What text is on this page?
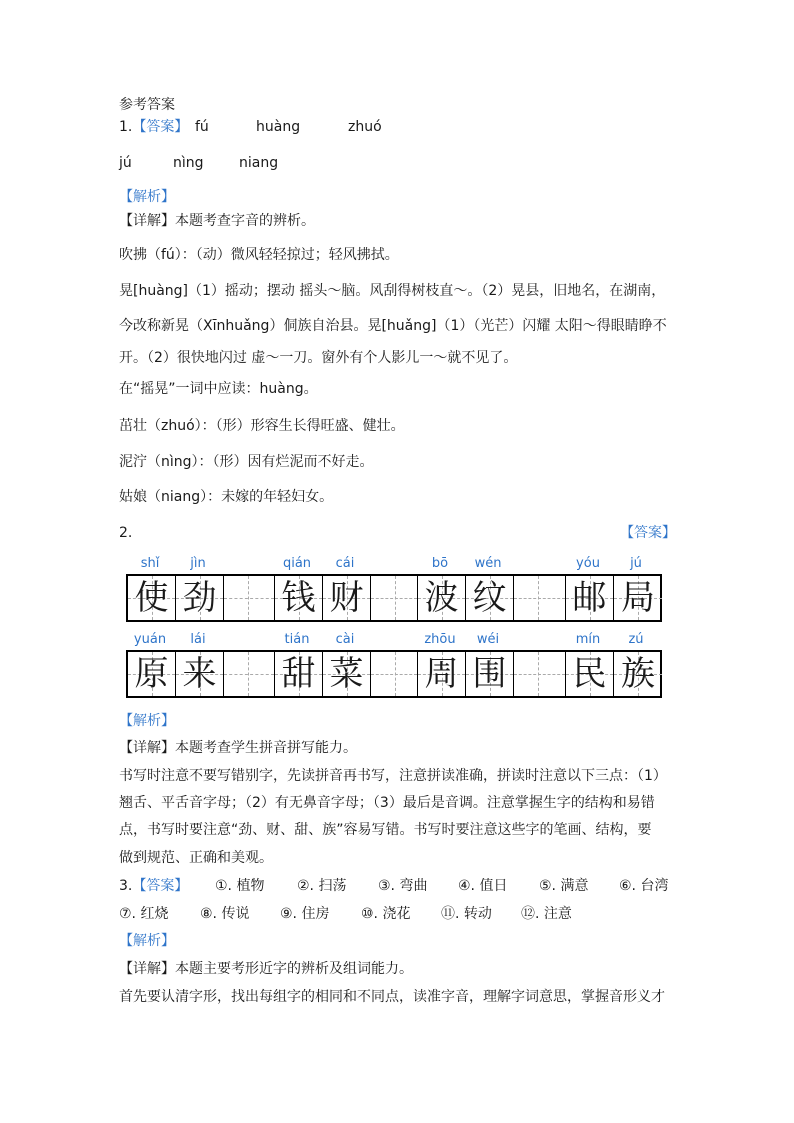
参考答案
1.【答案】 fú	huàng	zhuó
jú	nìng	niang
【解析】
【详解】本题考查字音的辨析。
吹拂（fú）：（动）微风轻轻掠过；轻风拂拭。
晃[huàng]（1）摇动；摆动 摇头～脑。风刮得树枝直～。（2）晃县，旧地名，在湖南，
今改称新晃（Xīnhuǎng）侗族自治县。晃[huǎng]（1）（光芒）闪耀 太阳～得眼睛睁不
开。（2）很快地闪过 虚～一刀。窗外有个人影儿一～就不见了。
在“摇晃”一词中应读：huàng。
茁壮（zhuó）：（形）形容生长得旺盛、健壮。
泥泞（nìng）：（形）因有烂泥而不好走。
姑娘（niang）：未嫁的年轻妇女。
2.	【答案】
shǐ	jìn	qián	cái	bō	wén	yóu	jú
使 劲 钱 财 波 纹 邮 局
yuán	lái	tián	cài	zhōu	wéi	mín	zú
原 来 甜 菜 周 围 民 族
【解析】
【详解】本题考查学生拼音拼写能力。
书写时注意不要写错别字，先读拼音再书写，注意拼读准确，拼读时注意以下三点：（1）
翘舌、平舌音字母；（2）有无鼻音字母；（3）最后是音调。注意掌握生字的结构和易错
点，书写时要注意“劲、财、甜、族”容易写错。书写时要注意这些字的笔画、结构，要
做到规范、正确和美观。
3.【答案】 ①. 植物 ②. 扫荡 ③. 弯曲 ④. 值日 ⑤. 满意 ⑥. 台湾
⑦. 红烧 ⑧. 传说 ⑨. 住房 ⑩. 浇花 ⑪. 转动 ⑫. 注意
【解析】
【详解】本题主要考形近字的辨析及组词能力。
首先要认清字形，找出每组字的相同和不同点，读准字音，理解字词意思，掌握音形义才
